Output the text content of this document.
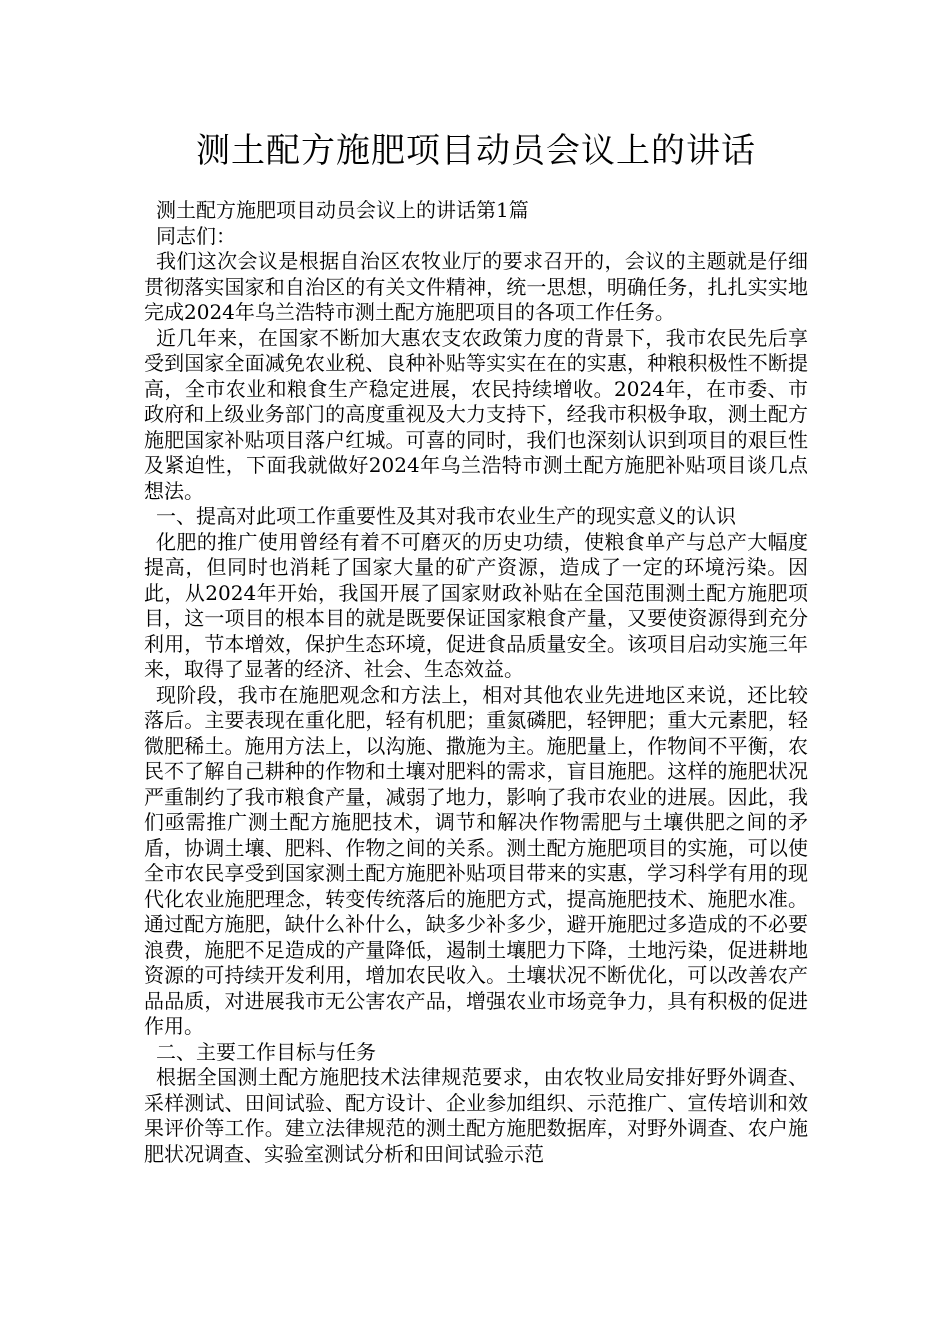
测土配方施肥项目动员会议上的讲话

测土配方施肥项目动员会议上的讲话第1篇

同志们：

我们这次会议是根据自治区农牧业厅的要求召开的，会议的主题就是仔细贯彻落实国家和自治区的有关文件精神，统一思想，明确任务，扎扎实实地完成2024年乌兰浩特市测土配方施肥项目的各项工作任务。

近几年来，在国家不断加大惠农支农政策力度的背景下，我市农民先后享受到国家全面减免农业税、良种补贴等实实在在的实惠，种粮积极性不断提高，全市农业和粮食生产稳定进展，农民持续增收。2024年，在市委、市政府和上级业务部门的高度重视及大力支持下，经我市积极争取，测土配方施肥国家补贴项目落户红城。可喜的同时，我们也深刻认识到项目的艰巨性及紧迫性，下面我就做好2024年乌兰浩特市测土配方施肥补贴项目谈几点想法。

一、提高对此项工作重要性及其对我市农业生产的现实意义的认识

化肥的推广使用曾经有着不可磨灭的历史功绩，使粮食单产与总产大幅度提高，但同时也消耗了国家大量的矿产资源，造成了一定的环境污染。因此，从2024年开始，我国开展了国家财政补贴在全国范围测土配方施肥项目，这一项目的根本目的就是既要保证国家粮食产量，又要使资源得到充分利用，节本增效，保护生态环境，促进食品质量安全。该项目启动实施三年来，取得了显著的经济、社会、生态效益。

现阶段，我市在施肥观念和方法上，相对其他农业先进地区来说，还比较落后。主要表现在重化肥，轻有机肥；重氮磷肥，轻钾肥；重大元素肥，轻微肥稀土。施用方法上，以沟施、撒施为主。施肥量上，作物间不平衡，农民不了解自己耕种的作物和土壤对肥料的需求，盲目施肥。这样的施肥状况严重制约了我市粮食产量，减弱了地力，影响了我市农业的进展。因此，我们亟需推广测土配方施肥技术，调节和解决作物需肥与土壤供肥之间的矛盾，协调土壤、肥料、作物之间的关系。测土配方施肥项目的实施，可以使全市农民享受到国家测土配方施肥补贴项目带来的实惠，学习科学有用的现代化农业施肥理念，转变传统落后的施肥方式，提高施肥技术、施肥水准。通过配方施肥，缺什么补什么，缺多少补多少，避开施肥过多造成的不必要浪费，施肥不足造成的产量降低，遏制土壤肥力下降，土地污染，促进耕地资源的可持续开发利用，增加农民收入。土壤状况不断优化，可以改善农产品品质，对进展我市无公害农产品，增强农业市场竞争力，具有积极的促进作用。

二、主要工作目标与任务

根据全国测土配方施肥技术法律规范要求，由农牧业局安排好野外调查、采样测试、田间试验、配方设计、企业参加组织、示范推广、宣传培训和效果评价等工作。建立法律规范的测土配方施肥数据库，对野外调查、农户施肥状况调查、实验室测试分析和田间试验示范
